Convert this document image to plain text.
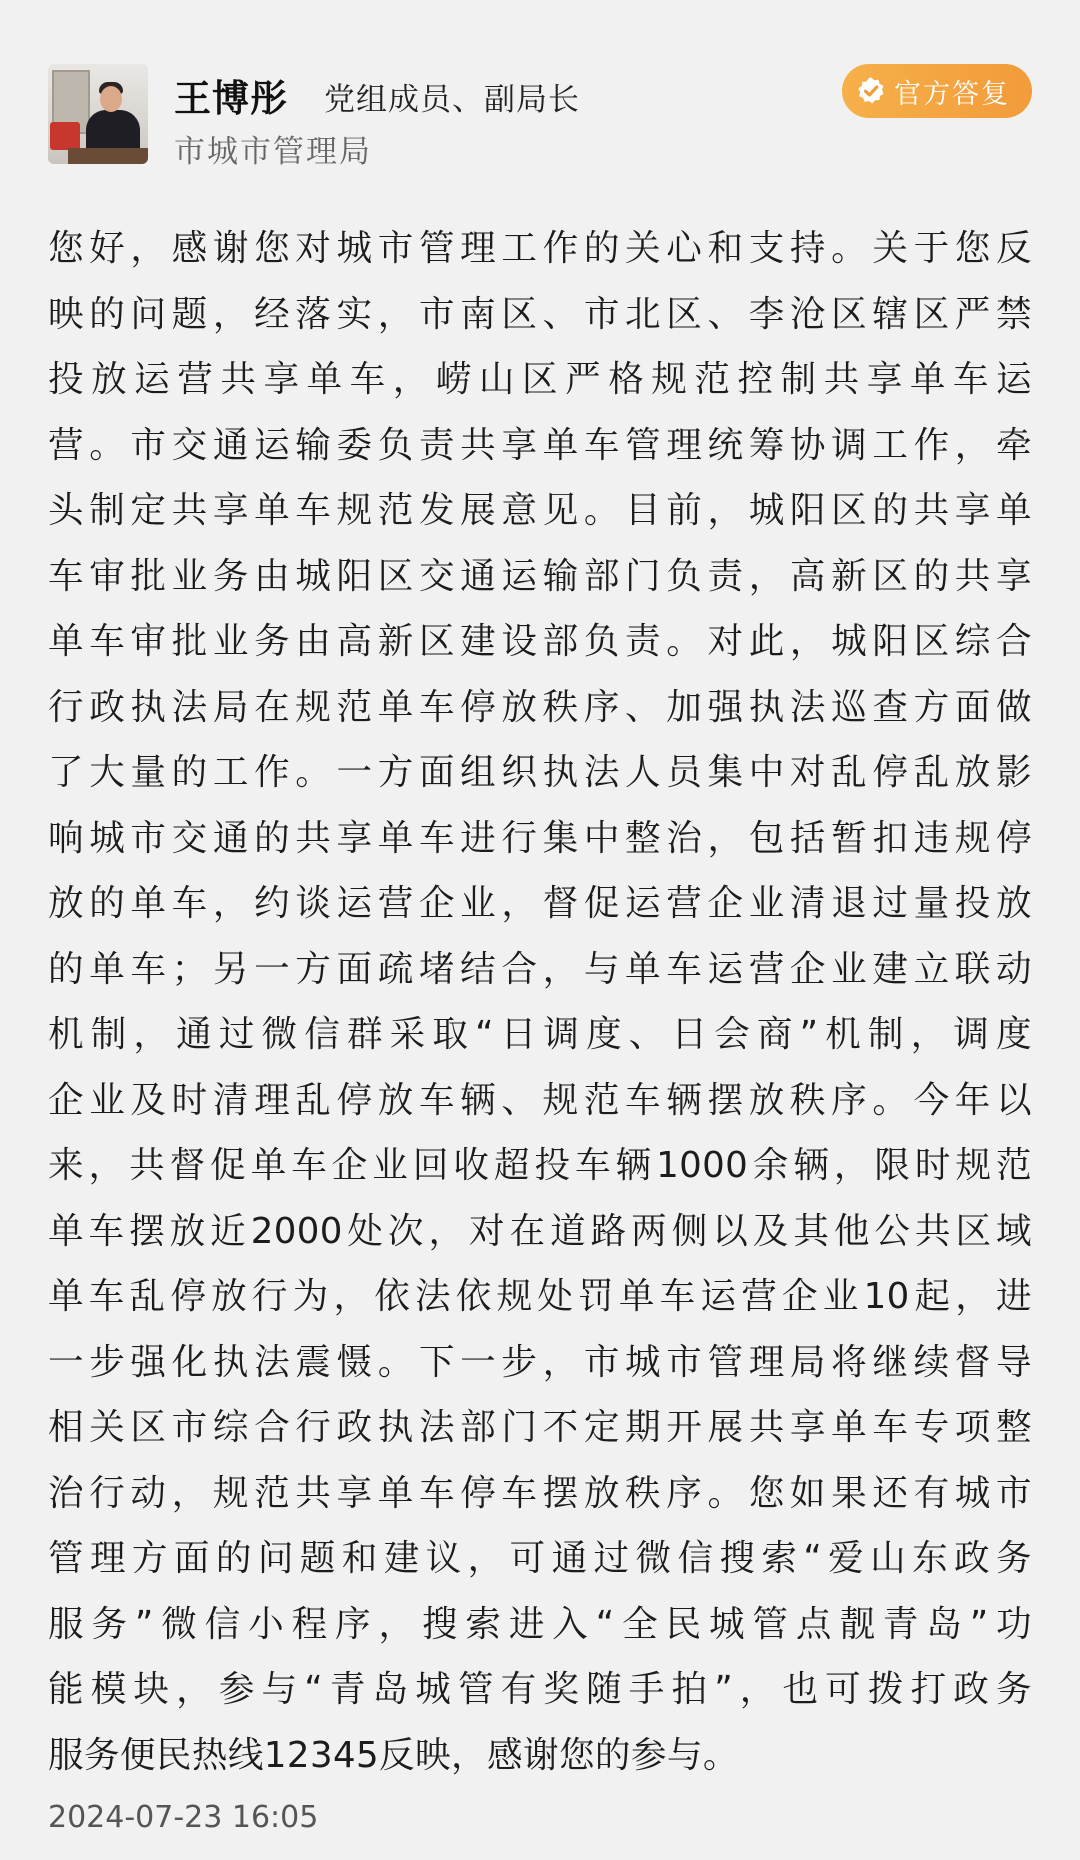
王博彤 党组成员、副局长
市城市管理局
官方答复
您好，感谢您对城市管理工作的关心和支持。关于您反
映的问题，经落实，市南区、市北区、李沧区辖区严禁
投放运营共享单车，崂山区严格规范控制共享单车运
营。市交通运输委负责共享单车管理统筹协调工作，牵
头制定共享单车规范发展意见。目前，城阳区的共享单
车审批业务由城阳区交通运输部门负责，高新区的共享
单车审批业务由高新区建设部负责。对此，城阳区综合
行政执法局在规范单车停放秩序、加强执法巡查方面做
了大量的工作。一方面组织执法人员集中对乱停乱放影
响城市交通的共享单车进行集中整治，包括暂扣违规停
放的单车，约谈运营企业，督促运营企业清退过量投放
的单车；另一方面疏堵结合，与单车运营企业建立联动
机制，通过微信群采取“日调度、日会商”机制，调度
企业及时清理乱停放车辆、规范车辆摆放秩序。今年以
来，共督促单车企业回收超投车辆1000余辆，限时规范
单车摆放近2000处次，对在道路两侧以及其他公共区域
单车乱停放行为，依法依规处罚单车运营企业10起，进
一步强化执法震慑。下一步，市城市管理局将继续督导
相关区市综合行政执法部门不定期开展共享单车专项整
治行动，规范共享单车停车摆放秩序。您如果还有城市
管理方面的问题和建议，可通过微信搜索“爱山东政务
服务”微信小程序，搜索进入“全民城管点靓青岛”功
能模块，参与“青岛城管有奖随手拍”，也可拨打政务
服务便民热线12345反映，感谢您的参与。
2024-07-23 16:05
